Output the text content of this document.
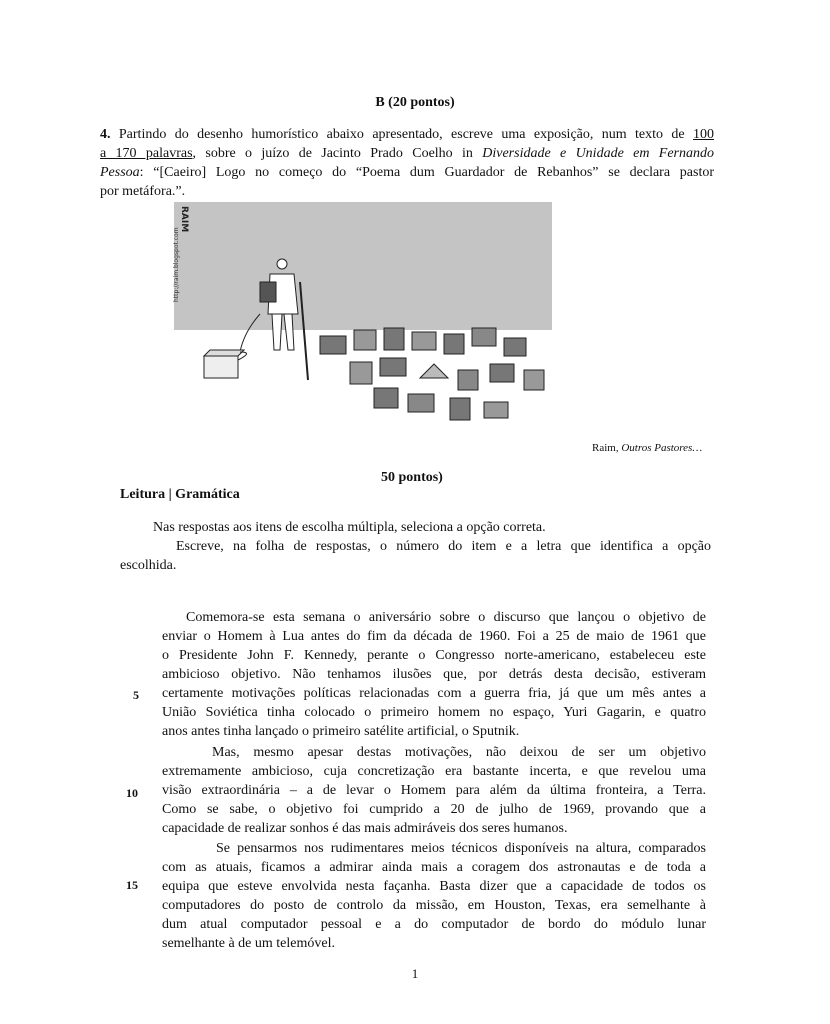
B (20 pontos)
4. Partindo do desenho humorístico abaixo apresentado, escreve uma exposição, num texto de 100
a 170 palavras, sobre o juízo de Jacinto Prado Coelho in Diversidade e Unidade em Fernando
Pessoa: “[Caeiro] Logo no começo do “Poema dum Guardador de Rebanhos” se declara pastor
por metáfora.”.
RAIM
http://raim.blogspot.com
Raim, Outros Pastores…
50 pontos)
Leitura | Gramática
Nas respostas aos itens de escolha múltipla, seleciona a opção correta.
Escreve, na folha de respostas, o número do item e a letra que identifica a opção
escolhida.
Comemora-se esta semana o aniversário sobre o discurso que lançou o objetivo de
enviar o Homem à Lua antes do fim da década de 1960. Foi a 25 de maio de 1961 que
o Presidente John F. Kennedy, perante o Congresso norte-americano, estabeleceu este
ambicioso objetivo. Não tenhamos ilusões que, por detrás desta decisão, estiveram
certamente motivações políticas relacionadas com a guerra fria, já que um mês antes a
União Soviética tinha colocado o primeiro homem no espaço, Yuri Gagarin, e quatro
anos antes tinha lançado o primeiro satélite artificial, o Sputnik.
Mas, mesmo apesar destas motivações, não deixou de ser um objetivo
extremamente ambicioso, cuja concretização era bastante incerta, e que revelou uma
visão extraordinária – a de levar o Homem para além da última fronteira, a Terra.
Como se sabe, o objetivo foi cumprido a 20 de julho de 1969, provando que a
capacidade de realizar sonhos é das mais admiráveis dos seres humanos.
Se pensarmos nos rudimentares meios técnicos disponíveis na altura, comparados
com as atuais, ficamos a admirar ainda mais a coragem dos astronautas e de toda a
equipa que esteve envolvida nesta façanha. Basta dizer que a capacidade de todos os
computadores do posto de controlo da missão, em Houston, Texas, era semelhante à
dum atual computador pessoal e a do computador de bordo do módulo lunar
semelhante à de um telemóvel.
5
10
15
1
